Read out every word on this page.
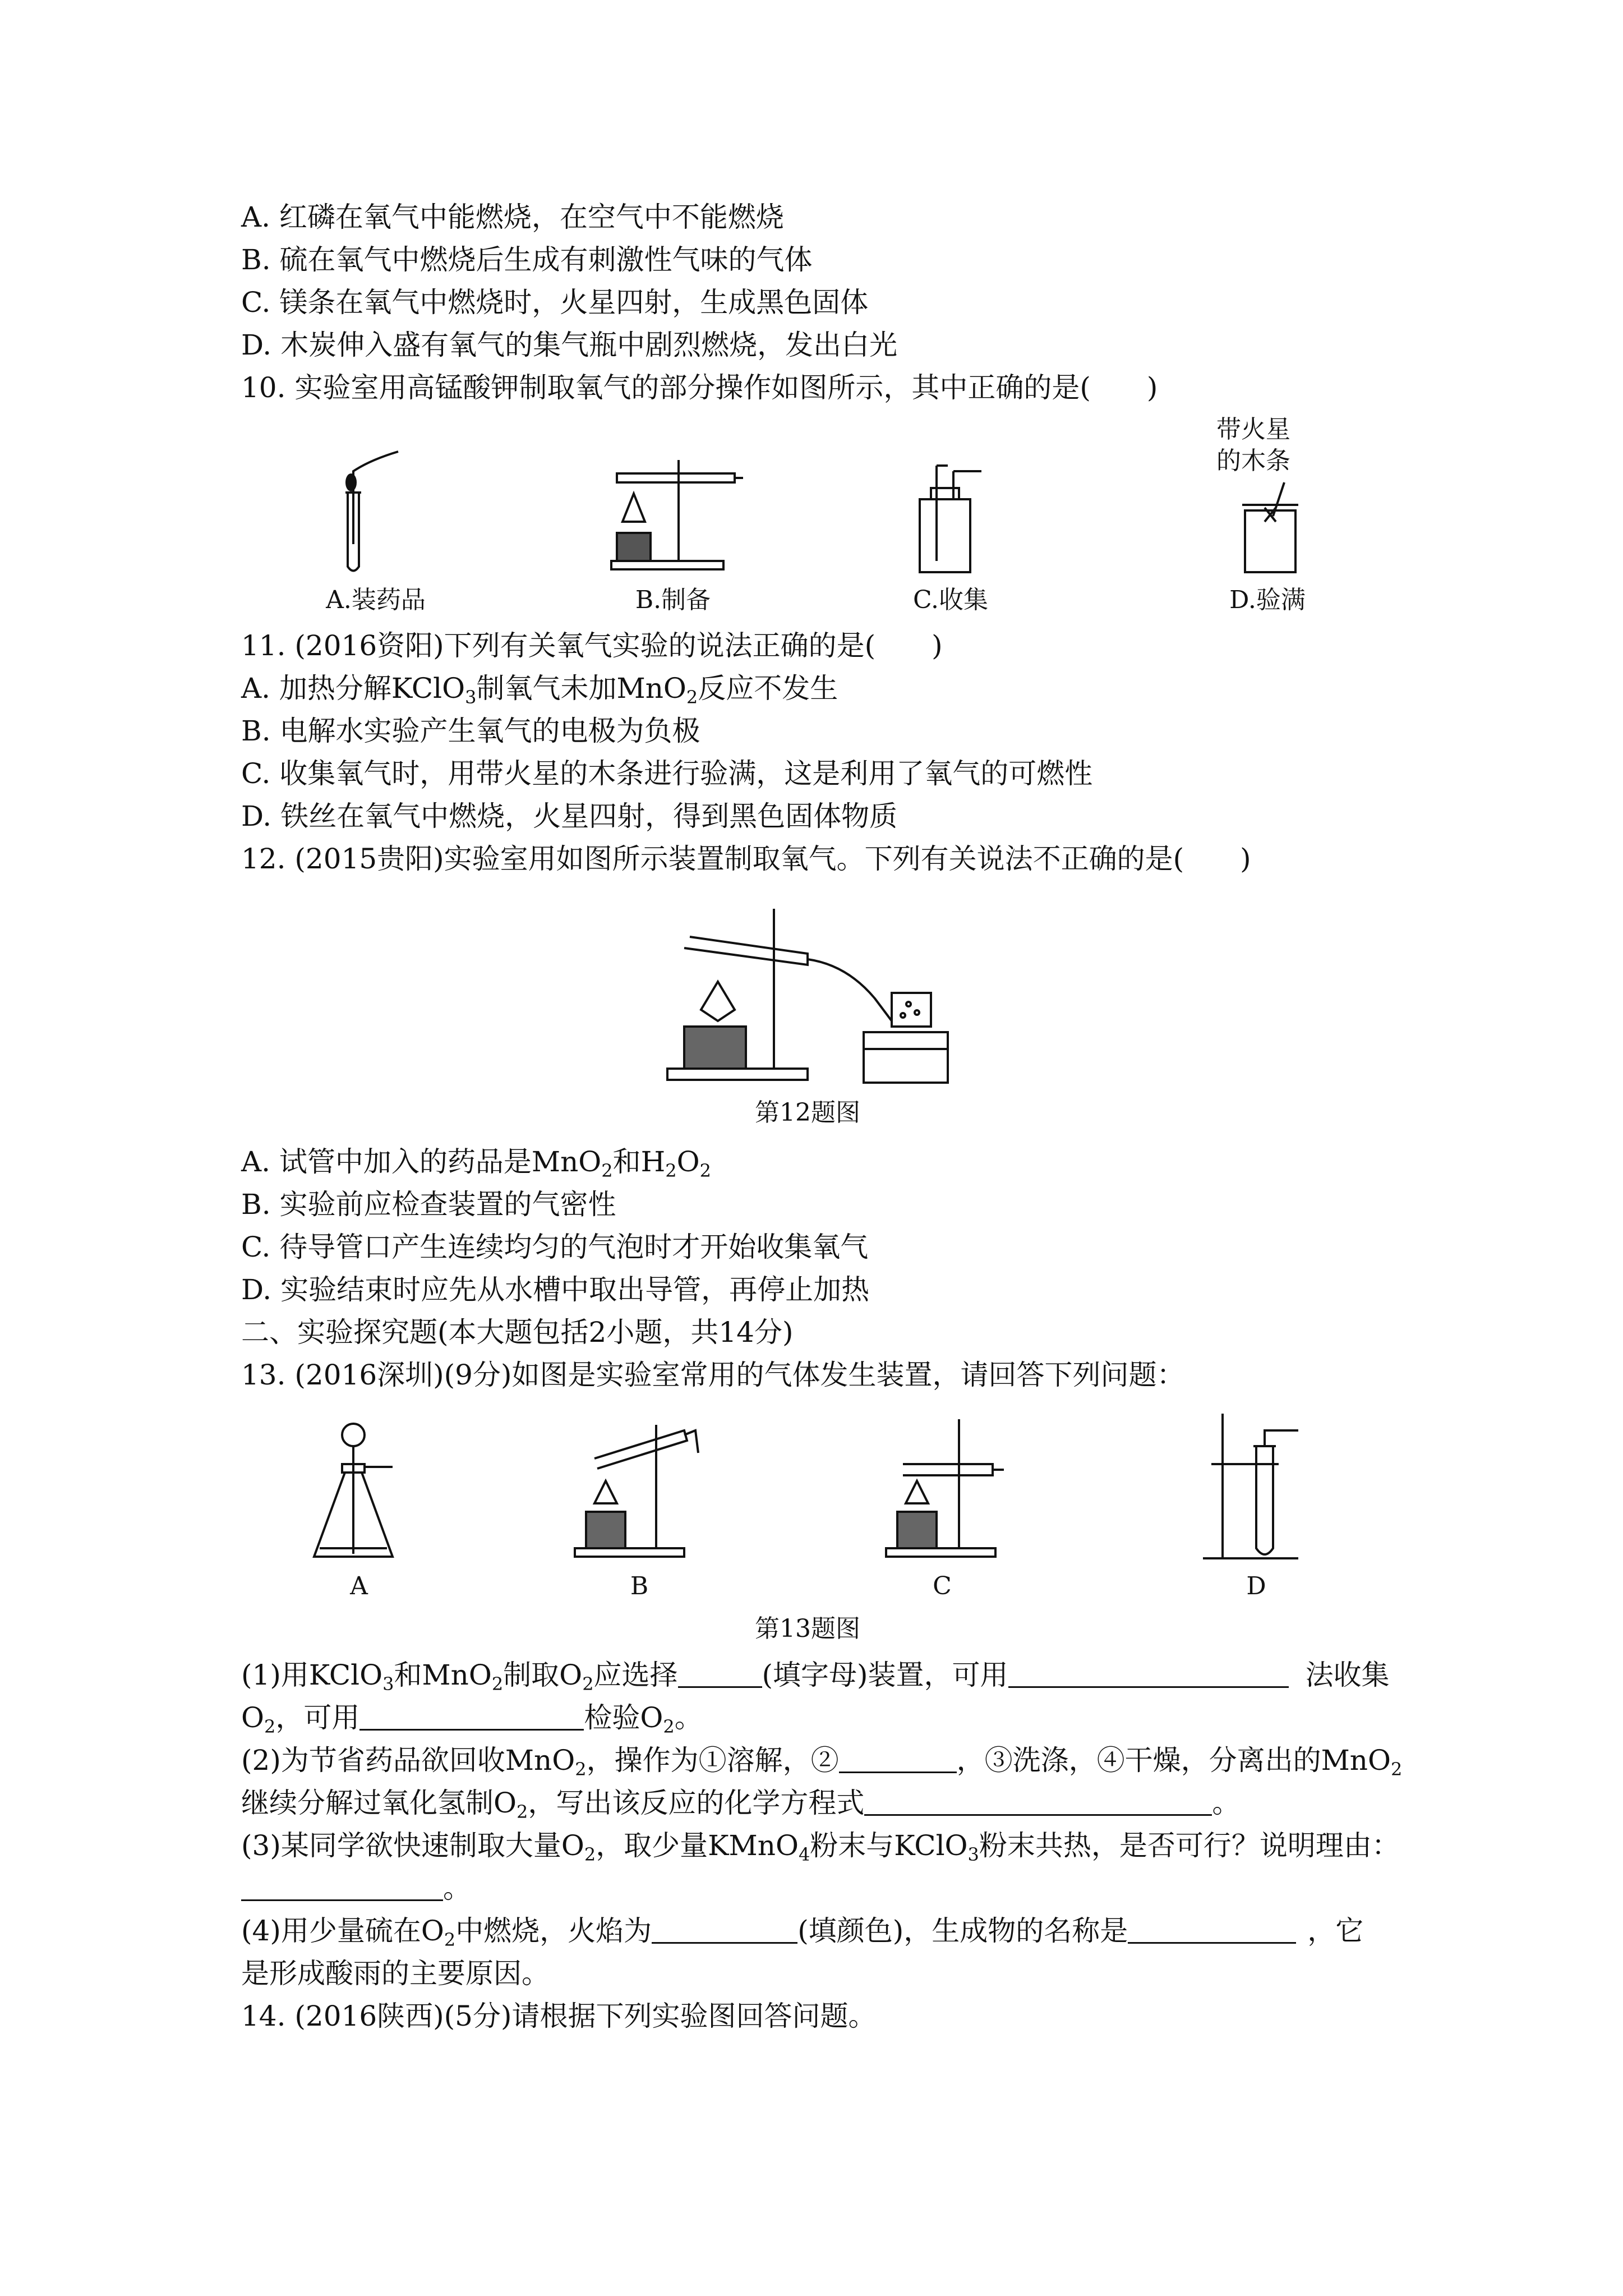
A. 红磷在氧气中能燃烧，在空气中不能燃烧
B. 硫在氧气中燃烧后生成有刺激性气味的气体
C. 镁条在氧气中燃烧时，火星四射，生成黑色固体
D. 木炭伸入盛有氧气的集气瓶中剧烈燃烧，发出白光
10. 实验室用高锰酸钾制取氧气的部分操作如图所示，其中正确的是(　　)
A.装药品	B.制备	C.收集
带火星
的木条
D.验满
11. (2016资阳)下列有关氧气实验的说法正确的是(　　)
A. 加热分解KClO$_3$制氧气未加MnO$_2$反应不发生
B. 电解水实验产生氧气的电极为负极
C. 收集氧气时，用带火星的木条进行验满，这是利用了氧气的可燃性
D. 铁丝在氧气中燃烧，火星四射，得到黑色固体物质
12. (2015贵阳)实验室用如图所示装置制取氧气。下列有关说法不正确的是(　　)
第12题图
A. 试管中加入的药品是MnO$_2$和$H_2O_2$
B. 实验前应检查装置的气密性
C. 待导管口产生连续均匀的气泡时才开始收集氧气
D. 实验结束时应先从水槽中取出导管，再停止加热
二、实验探究题(本大题包括2小题，共14分)
13. (2016深圳)(9分)如图是实验室常用的气体发生装置，请回答下列问题：
A	B	C	D
第13题图
(1)用KClO$_3$和MnO$_2$制取$O_2$应选择	(填字母)装置，可用	法收集
$O_2$，可用	检验$O_2$。
(2)为节省药品欲回收MnO$_2$，操作为①溶解，②	，③洗涤，④干燥，分离出的MnO$_2$
继续分解过氧化氢制$O_2$，写出该反应的化学方程式	。
(3)某同学欲快速制取大量$O_2$，取少量KMnO$_4$粉末与KClO$_3$粉末共热，是否可行？说明理由：
。
(4)用少量硫在$O_2$中燃烧，火焰为	(填颜色)，生成物的名称是	，它
是形成酸雨的主要原因。
14. (2016陕西)(5分)请根据下列实验图回答问题。
